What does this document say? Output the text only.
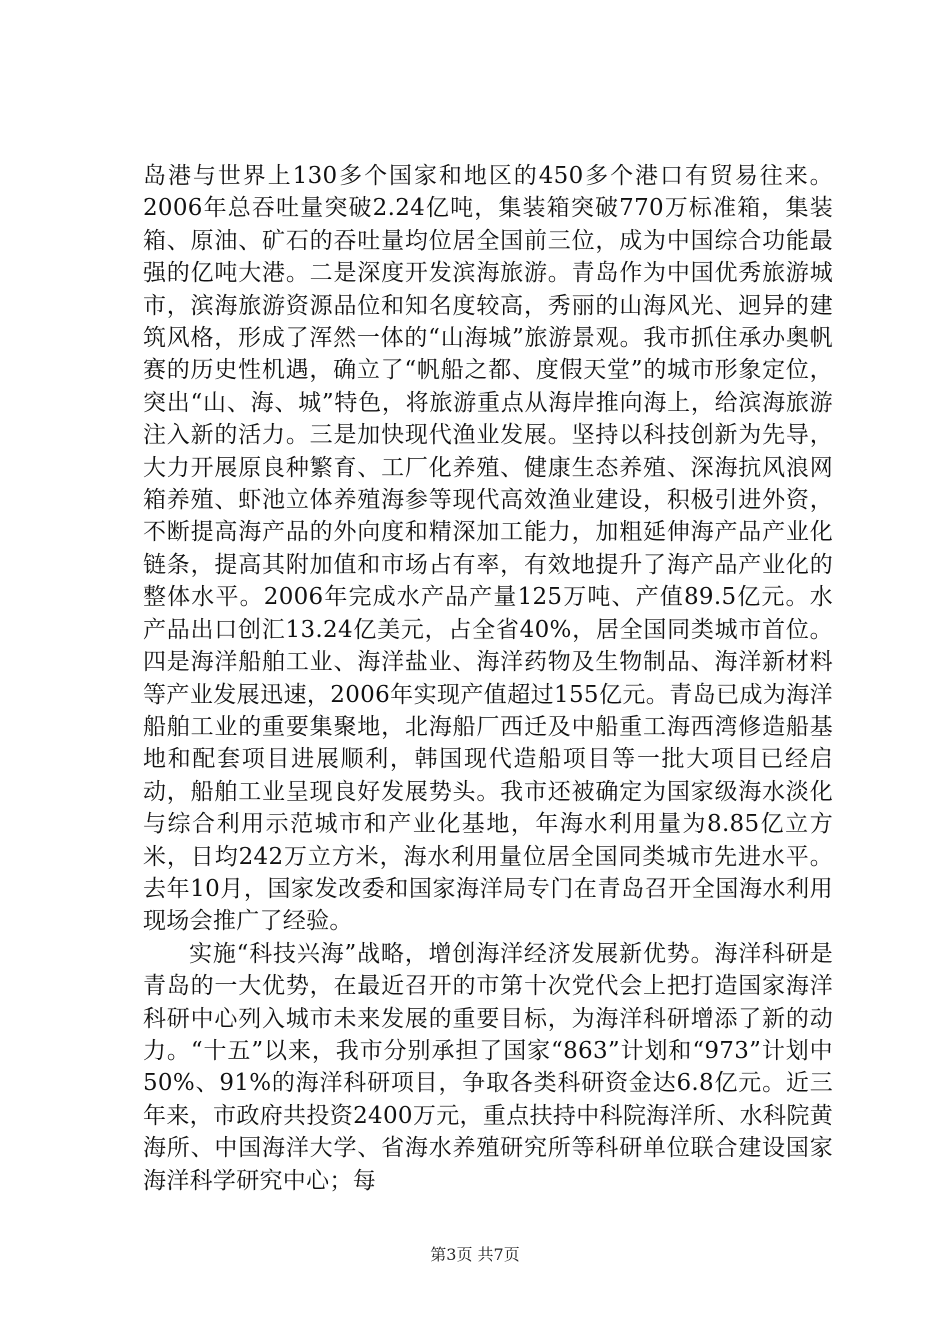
岛港与世界上130多个国家和地区的450多个港口有贸易往来。2006年总吞吐量突破2.24亿吨，集装箱突破770万标准箱，集装箱、原油、矿石的吞吐量均位居全国前三位，成为中国综合功能最强的亿吨大港。二是深度开发滨海旅游。青岛作为中国优秀旅游城市，滨海旅游资源品位和知名度较高，秀丽的山海风光、迥异的建筑风格，形成了浑然一体的“山海城”旅游景观。我市抓住承办奥帆赛的历史性机遇，确立了“帆船之都、度假天堂”的城市形象定位，突出“山、海、城”特色，将旅游重点从海岸推向海上，给滨海旅游注入新的活力。三是加快现代渔业发展。坚持以科技创新为先导，大力开展原良种繁育、工厂化养殖、健康生态养殖、深海抗风浪网箱养殖、虾池立体养殖海参等现代高效渔业建设，积极引进外资，不断提高海产品的外向度和精深加工能力，加粗延伸海产品产业化链条，提高其附加值和市场占有率，有效地提升了海产品产业化的整体水平。2006年完成水产品产量125万吨、产值89.5亿元。水产品出口创汇13.24亿美元，占全省40%，居全国同类城市首位。四是海洋船舶工业、海洋盐业、海洋药物及生物制品、海洋新材料等产业发展迅速，2006年实现产值超过155亿元。青岛已成为海洋船舶工业的重要集聚地，北海船厂西迁及中船重工海西湾修造船基地和配套项目进展顺利，韩国现代造船项目等一批大项目已经启动，船舶工业呈现良好发展势头。我市还被确定为国家级海水淡化与综合利用示范城市和产业化基地，年海水利用量为8.85亿立方米，日均242万立方米，海水利用量位居全国同类城市先进水平。去年10月，国家发改委和国家海洋局专门在青岛召开全国海水利用现场会推广了经验。

实施“科技兴海”战略，增创海洋经济发展新优势。海洋科研是青岛的一大优势，在最近召开的市第十次党代会上把打造国家海洋科研中心列入城市未来发展的重要目标，为海洋科研增添了新的动力。“十五”以来，我市分别承担了国家“863”计划和“973”计划中50%、91%的海洋科研项目，争取各类科研资金达6.8亿元。近三年来，市政府共投资2400万元，重点扶持中科院海洋所、水科院黄海所、中国海洋大学、省海水养殖研究所等科研单位联合建设国家海洋科学研究中心；每

第3页 共7页
